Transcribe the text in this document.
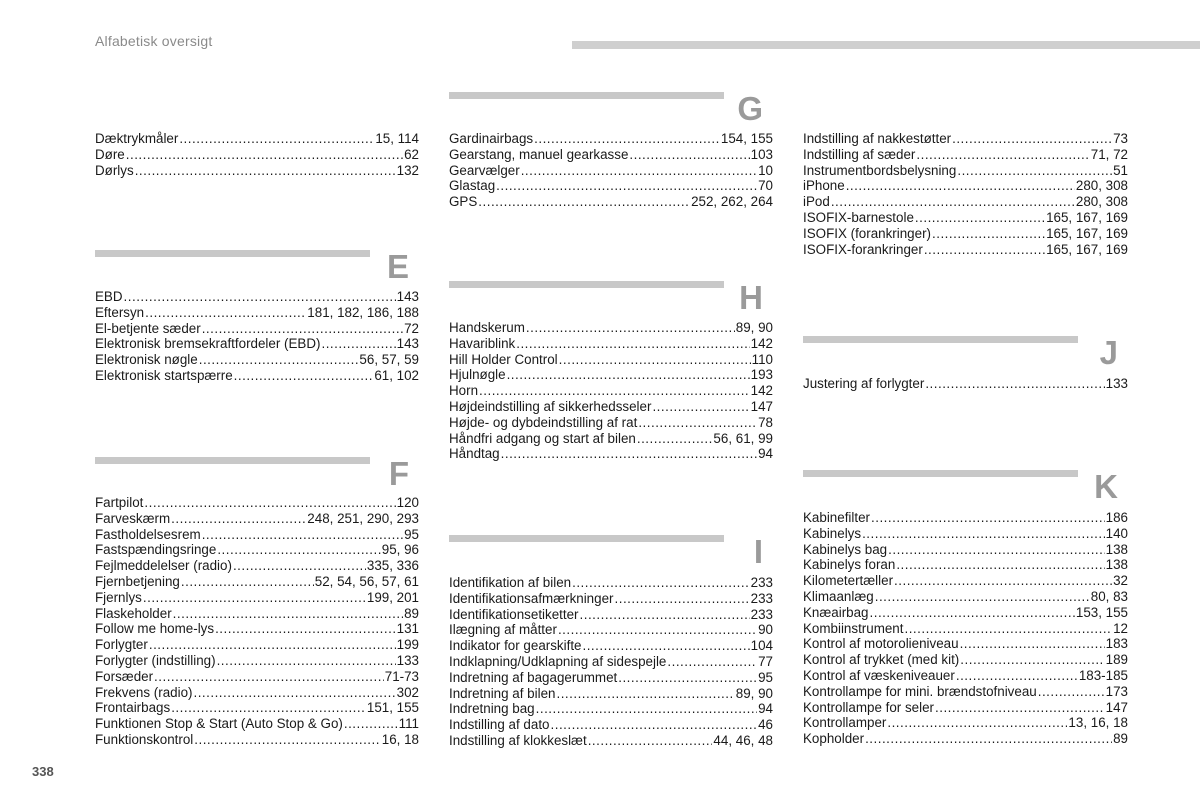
Alfabetisk oversigt
Dæktrykmåler .....	15, 114
Døre .....	62
Dørlys .....	132
E
EBD .....	143
Eftersyn .....	181, 182, 186, 188
El-betjente sæder .....	72
Elektronisk bremsekraftfordeler (EBD) .....	143
Elektronisk nøgle .....	56, 57, 59
Elektronisk startspærre .....	61, 102
F
Fartpilot .....	120
Farveskærm .....	248, 251, 290, 293
Fastholdelsesrem .....	95
Fastspændingsringe .....	95, 96
Fejlmeddelelser (radio) .....	335, 336
Fjernbetjening .....	52, 54, 56, 57, 61
Fjernlys .....	199, 201
Flaskeholder .....	89
Follow me home-lys .....	131
Forlygter .....	199
Forlygter (indstilling) .....	133
Forsæder .....	71-73
Frekvens (radio) .....	302
Frontairbags .....	151, 155
Funktionen Stop & Start (Auto Stop & Go) .....	111
Funktionskontrol .....	16, 18
G
Gardinairbags .....	154, 155
Gearstang, manuel gearkasse .....	103
Gearvælger .....	10
Glastag .....	70
GPS .....	252, 262, 264
H
Handskerum .....	89, 90
Havariblink .....	142
Hill Holder Control .....	110
Hjulnøgle .....	193
Horn .....	142
Højdeindstilling af sikkerhedsseler .....	147
Højde- og dybdeindstilling af rat .....	78
Håndfri adgang og start af bilen .....	56, 61, 99
Håndtag .....	94
I
Identifikation af bilen .....	233
Identifikationsafmærkninger .....	233
Identifikationsetiketter .....	233
Ilægning af måtter .....	90
Indikator for gearskifte .....	104
Indklapning/Udklapning af sidespejle .....	77
Indretning af bagagerummet .....	95
Indretning af bilen .....	89, 90
Indretning bag .....	94
Indstilling af dato .....	46
Indstilling af klokkeslæt .....	44, 46, 48
Indstilling af nakkestøtter .....	73
Indstilling af sæder .....	71, 72
Instrumentbordsbelysning .....	51
iPhone .....	280, 308
iPod .....	280, 308
ISOFIX-barnestole .....	165, 167, 169
ISOFIX (forankringer) .....	165, 167, 169
ISOFIX-forankringer .....	165, 167, 169
J
Justering af forlygter .....	133
K
Kabinefilter .....	186
Kabinelys .....	140
Kabinelys bag .....	138
Kabinelys foran .....	138
Kilometertæller .....	32
Klimaanlæg .....	80, 83
Knæairbag .....	153, 155
Kombiinstrument .....	12
Kontrol af motorolieniveau .....	183
Kontrol af trykket (med kit) .....	189
Kontrol af væskeniveauer .....	183-185
Kontrollampe for mini. brændstofniveau .....	173
Kontrollampe for seler .....	147
Kontrollamper .....	13, 16, 18
Kopholder .....	89
338
